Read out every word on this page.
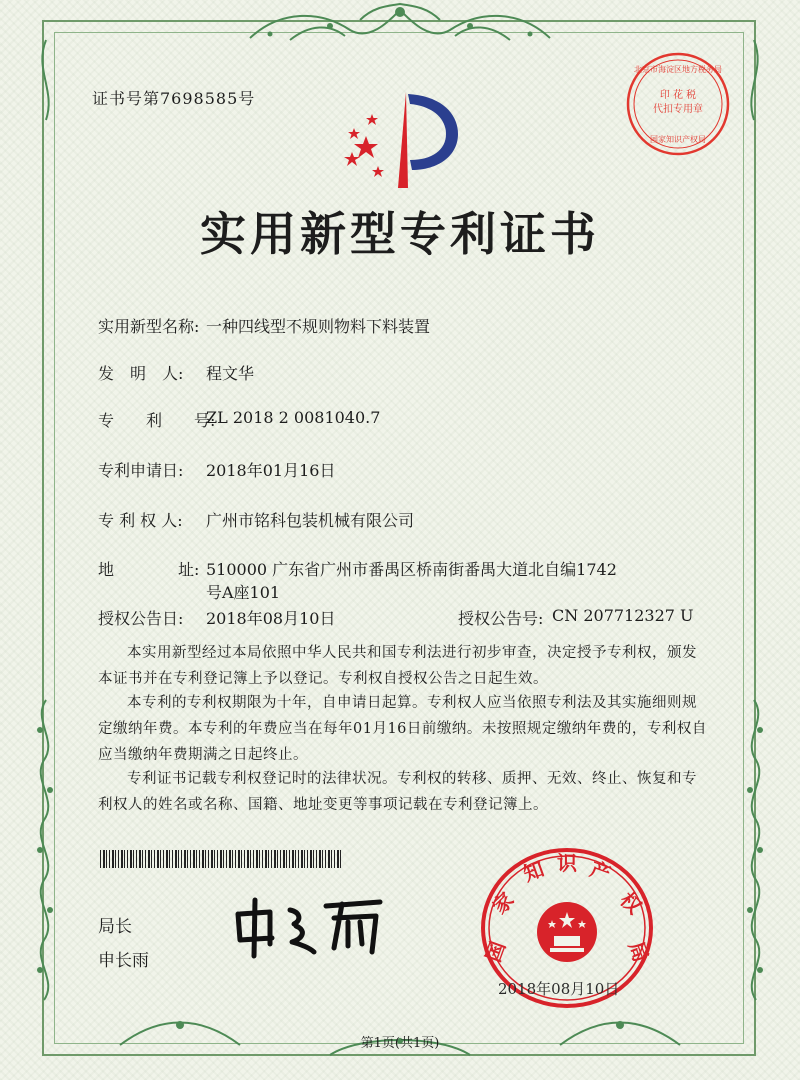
证书号第7698585号	印 花 税
代扣专用章
北京市海淀区地方税务局
国家知识产权局
实用新型专利证书
实用新型名称: 一种四线型不规则物料下料装置
发　明　人: 程文华
专　　利　　号:
ZL 2018 2 0081040.7
专利申请日: 2018年01月16日
专 利 权 人: 广州市铭科包装机械有限公司
地　　　　址: 510000 广东省广州市番禺区桥南街番禺大道北自编1742
号A座101
授权公告日: 2018年08月10日	授权公告号: CN 207712327 U
本实用新型经过本局依照中华人民共和国专利法进行初步审查，决定授予专利权，颁发本证书并在专利登记簿上予以登记。专利权自授权公告之日起生效。
本专利的专利权期限为十年，自申请日起算。专利权人应当依照专利法及其实施细则规定缴纳年费。本专利的年费应当在每年01月16日前缴纳。未按照规定缴纳年费的，专利权自应当缴纳年费期满之日起终止。
专利证书记载专利权登记时的法律状况。专利权的转移、质押、无效、终止、恢复和专利权人的姓名或名称、国籍、地址变更等事项记载在专利登记簿上。
局长
申长雨	国
家
知 识 产
权
局
2018年08月10日
第1页(共1页)
